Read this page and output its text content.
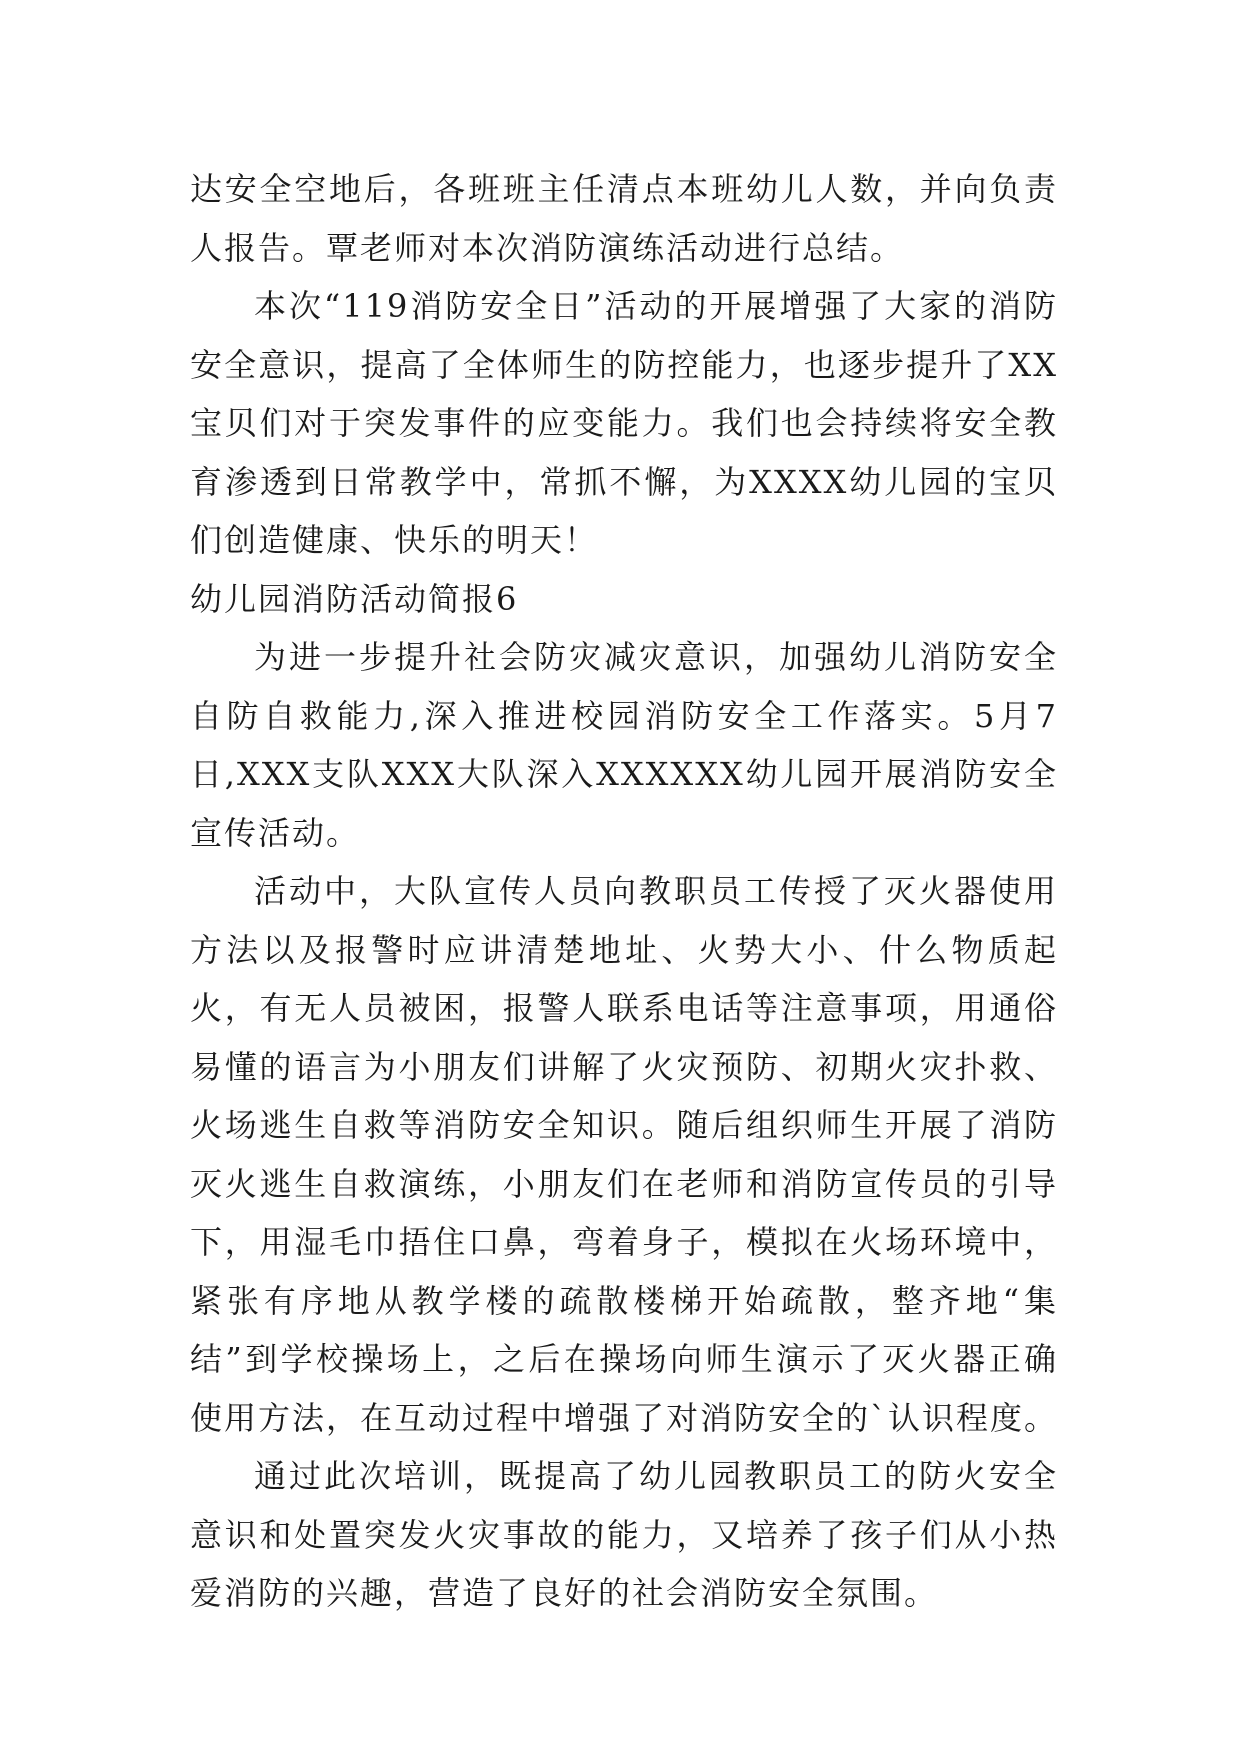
达安全空地后，各班班主任清点本班幼儿人数，并向负责人报告。覃老师对本次消防演练活动进行总结。

本次“119消防安全日”活动的开展增强了大家的消防安全意识，提高了全体师生的防控能力，也逐步提升了XX宝贝们对于突发事件的应变能力。我们也会持续将安全教育渗透到日常教学中，常抓不懈，为XXXX幼儿园的宝贝们创造健康、快乐的明天！

幼儿园消防活动简报6

为进一步提升社会防灾减灾意识，加强幼儿消防安全自防自救能力,深入推进校园消防安全工作落实。5月7日,XXX支队XXX大队深入XXXXXX幼儿园开展消防安全宣传活动。

活动中，大队宣传人员向教职员工传授了灭火器使用方法以及报警时应讲清楚地址、火势大小、什么物质起火，有无人员被困，报警人联系电话等注意事项，用通俗易懂的语言为小朋友们讲解了火灾预防、初期火灾扑救、火场逃生自救等消防安全知识。随后组织师生开展了消防灭火逃生自救演练，小朋友们在老师和消防宣传员的引导下，用湿毛巾捂住口鼻，弯着身子，模拟在火场环境中，紧张有序地从教学楼的疏散楼梯开始疏散，整齐地“集结”到学校操场上，之后在操场向师生演示了灭火器正确使用方法，在互动过程中增强了对消防安全的`认识程度。

通过此次培训，既提高了幼儿园教职员工的防火安全意识和处置突发火灾事故的能力，又培养了孩子们从小热爱消防的兴趣，营造了良好的社会消防安全氛围。
